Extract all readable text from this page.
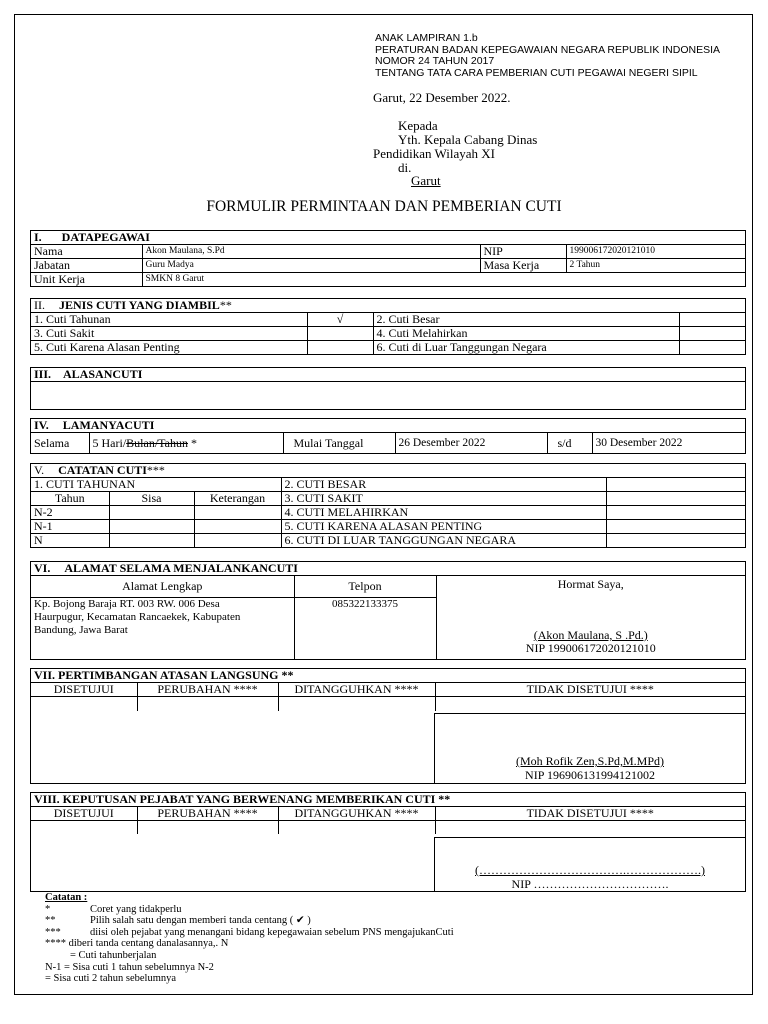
ANAK LAMPIRAN 1.b
PERATURAN BADAN KEPEGAWAIAN NEGARA REPUBLIK INDONESIA
NOMOR 24 TAHUN 2017
TENTANG TATA CARA PEMBERIAN CUTI PEGAWAI NEGERI SIPIL
Garut, 22 Desember 2022.
Kepada
Yth. Kepala Cabang Dinas
Pendidikan Wilayah XI
di.
Garut
FORMULIR PERMINTAAN DAN PEMBERIAN CUTI
I. DATAPEGAWAI
Nama	Akon Maulana, S.Pd	NIP	199006172020121010
Jabatan	Guru Madya	Masa Kerja	2 Tahun
Unit Kerja	SMKN 8 Garut		
II. JENIS CUTI YANG DIAMBIL**
1. Cuti Tahunan	√	2. Cuti Besar	
3. Cuti Sakit		4. Cuti Melahirkan	
5. Cuti Karena Alasan Penting		6. Cuti di Luar Tanggungan Negara	
III. ALASANCUTI
IV. LAMANYACUTI
Selama	5 Hari/Bulan/Tahun *	Mulai Tanggal	26 Desember 2022	s/d	30 Desember 2022
V. CATATAN CUTI***
1. CUTI TAHUNAN			2. CUTI BESAR	
Tahun	Sisa	Keterangan	3. CUTI SAKIT	
N-2			4. CUTI MELAHIRKAN	
N-1			5. CUTI KARENA ALASAN PENTING	
N			6. CUTI DI LUAR TANGGUNGAN NEGARA	
VI. ALAMAT SELAMA MENJALANKANCUTI
Alamat Lengkap	Telpon	Hormat Saya,
(Akon Maulana, S .Pd.)
NIP 199006172020121010

Kp. Bojong Baraja RT. 003 RW. 006 Desa
Haurpugur, Kecamatan Rancaekek, Kabupaten
Bandung, Jawa Barat	085322133375	
VII. PERTIMBANGAN ATASAN LANGSUNG **
DISETUJUI	PERUBAHAN ****	DITANGGUHKAN ****	TIDAK DISETUJUI ****

(Moh Rofik Zen,S.Pd,M.MPd)
NIP 196906131994121002
VIII. KEPUTUSAN PEJABAT YANG BERWENANG MEMBERIKAN CUTI **
DISETUJUI	PERUBAHAN ****	DITANGGUHKAN ****	TIDAK DISETUJUI ****

(……………………………….……………….)
NIP …………………………….
Catatan :
*	Coret yang tidakperlu
**	Pilih salah satu dengan memberi tanda centang ( ✔ )
***	diisi oleh pejabat yang menangani bidang kepegawaian sebelum PNS mengajukanCuti
**** diberi tanda centang danalasannya,. N
= Cuti tahunberjalan
N-1 = Sisa cuti 1 tahun sebelumnya N-2
= Sisa cuti 2 tahun sebelumnya
